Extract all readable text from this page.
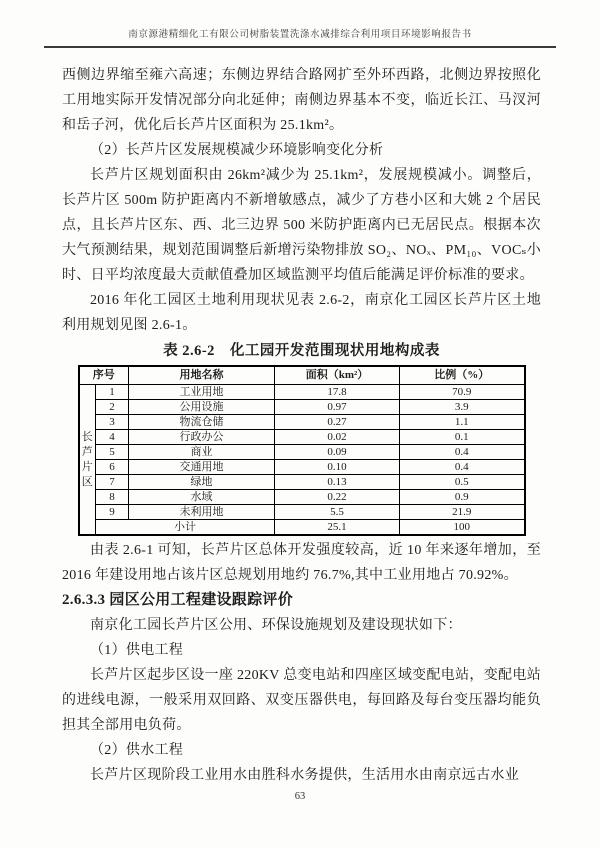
南京源港精细化工有限公司树脂装置洗涤水减排综合利用项目环境影响报告书

西侧边界缩至雍六高速；东侧边界结合路网扩至外环西路，北侧边界按照化工用地实际开发情况部分向北延伸；南侧边界基本不变，临近长江、马汊河和岳子河，优化后长芦片区面积为 25.1km²。

（2）长芦片区发展规模减少环境影响变化分析

长芦片区规划面积由 26km²减少为 25.1km²，发展规模减小。调整后，长芦片区 500m 防护距离内不新增敏感点，减少了方巷小区和大姚 2 个居民点，且长芦片区东、西、北三边界 500 米防护距离内已无居民点。根据本次大气预测结果，规划范围调整后新增污染物排放 SO₂、NOₓ、PM₁₀、VOCₛ小时、日平均浓度最大贡献值叠加区域监测平均值后能满足评价标准的要求。

2016 年化工园区土地利用现状见表 2.6-2，南京化工园区长芦片区土地利用规划见图 2.6-1。

表 2.6-2　化工园开发范围现状用地构成表
序号		用地名称	面积（km²）	比例（%）
长芦片区	1	工业用地	17.8	70.9
	2	公用设施	0.97	3.9
	3	物流仓储	0.27	1.1
	4	行政办公	0.02	0.1
	5	商业	0.09	0.4
	6	交通用地	0.10	0.4
	7	绿地	0.13	0.5
	8	水域	0.22	0.9
	9	未利用地	5.5	21.9
	小计		25.1	100

由表 2.6-1 可知，长芦片区总体开发强度较高，近 10 年来逐年增加，至 2016 年建设用地占该片区总规划用地约 76.7%,其中工业用地占 70.92%。

2.6.3.3 园区公用工程建设跟踪评价

南京化工园长芦片区公用、环保设施规划及建设现状如下：

（1）供电工程

长芦片区起步区设一座 220KV 总变电站和四座区域变配电站，变配电站的进线电源，一般采用双回路、双变压器供电，每回路及每台变压器均能负担其全部用电负荷。

（2）供水工程

长芦片区现阶段工业用水由胜科水务提供，生活用水由南京远古水业

63
